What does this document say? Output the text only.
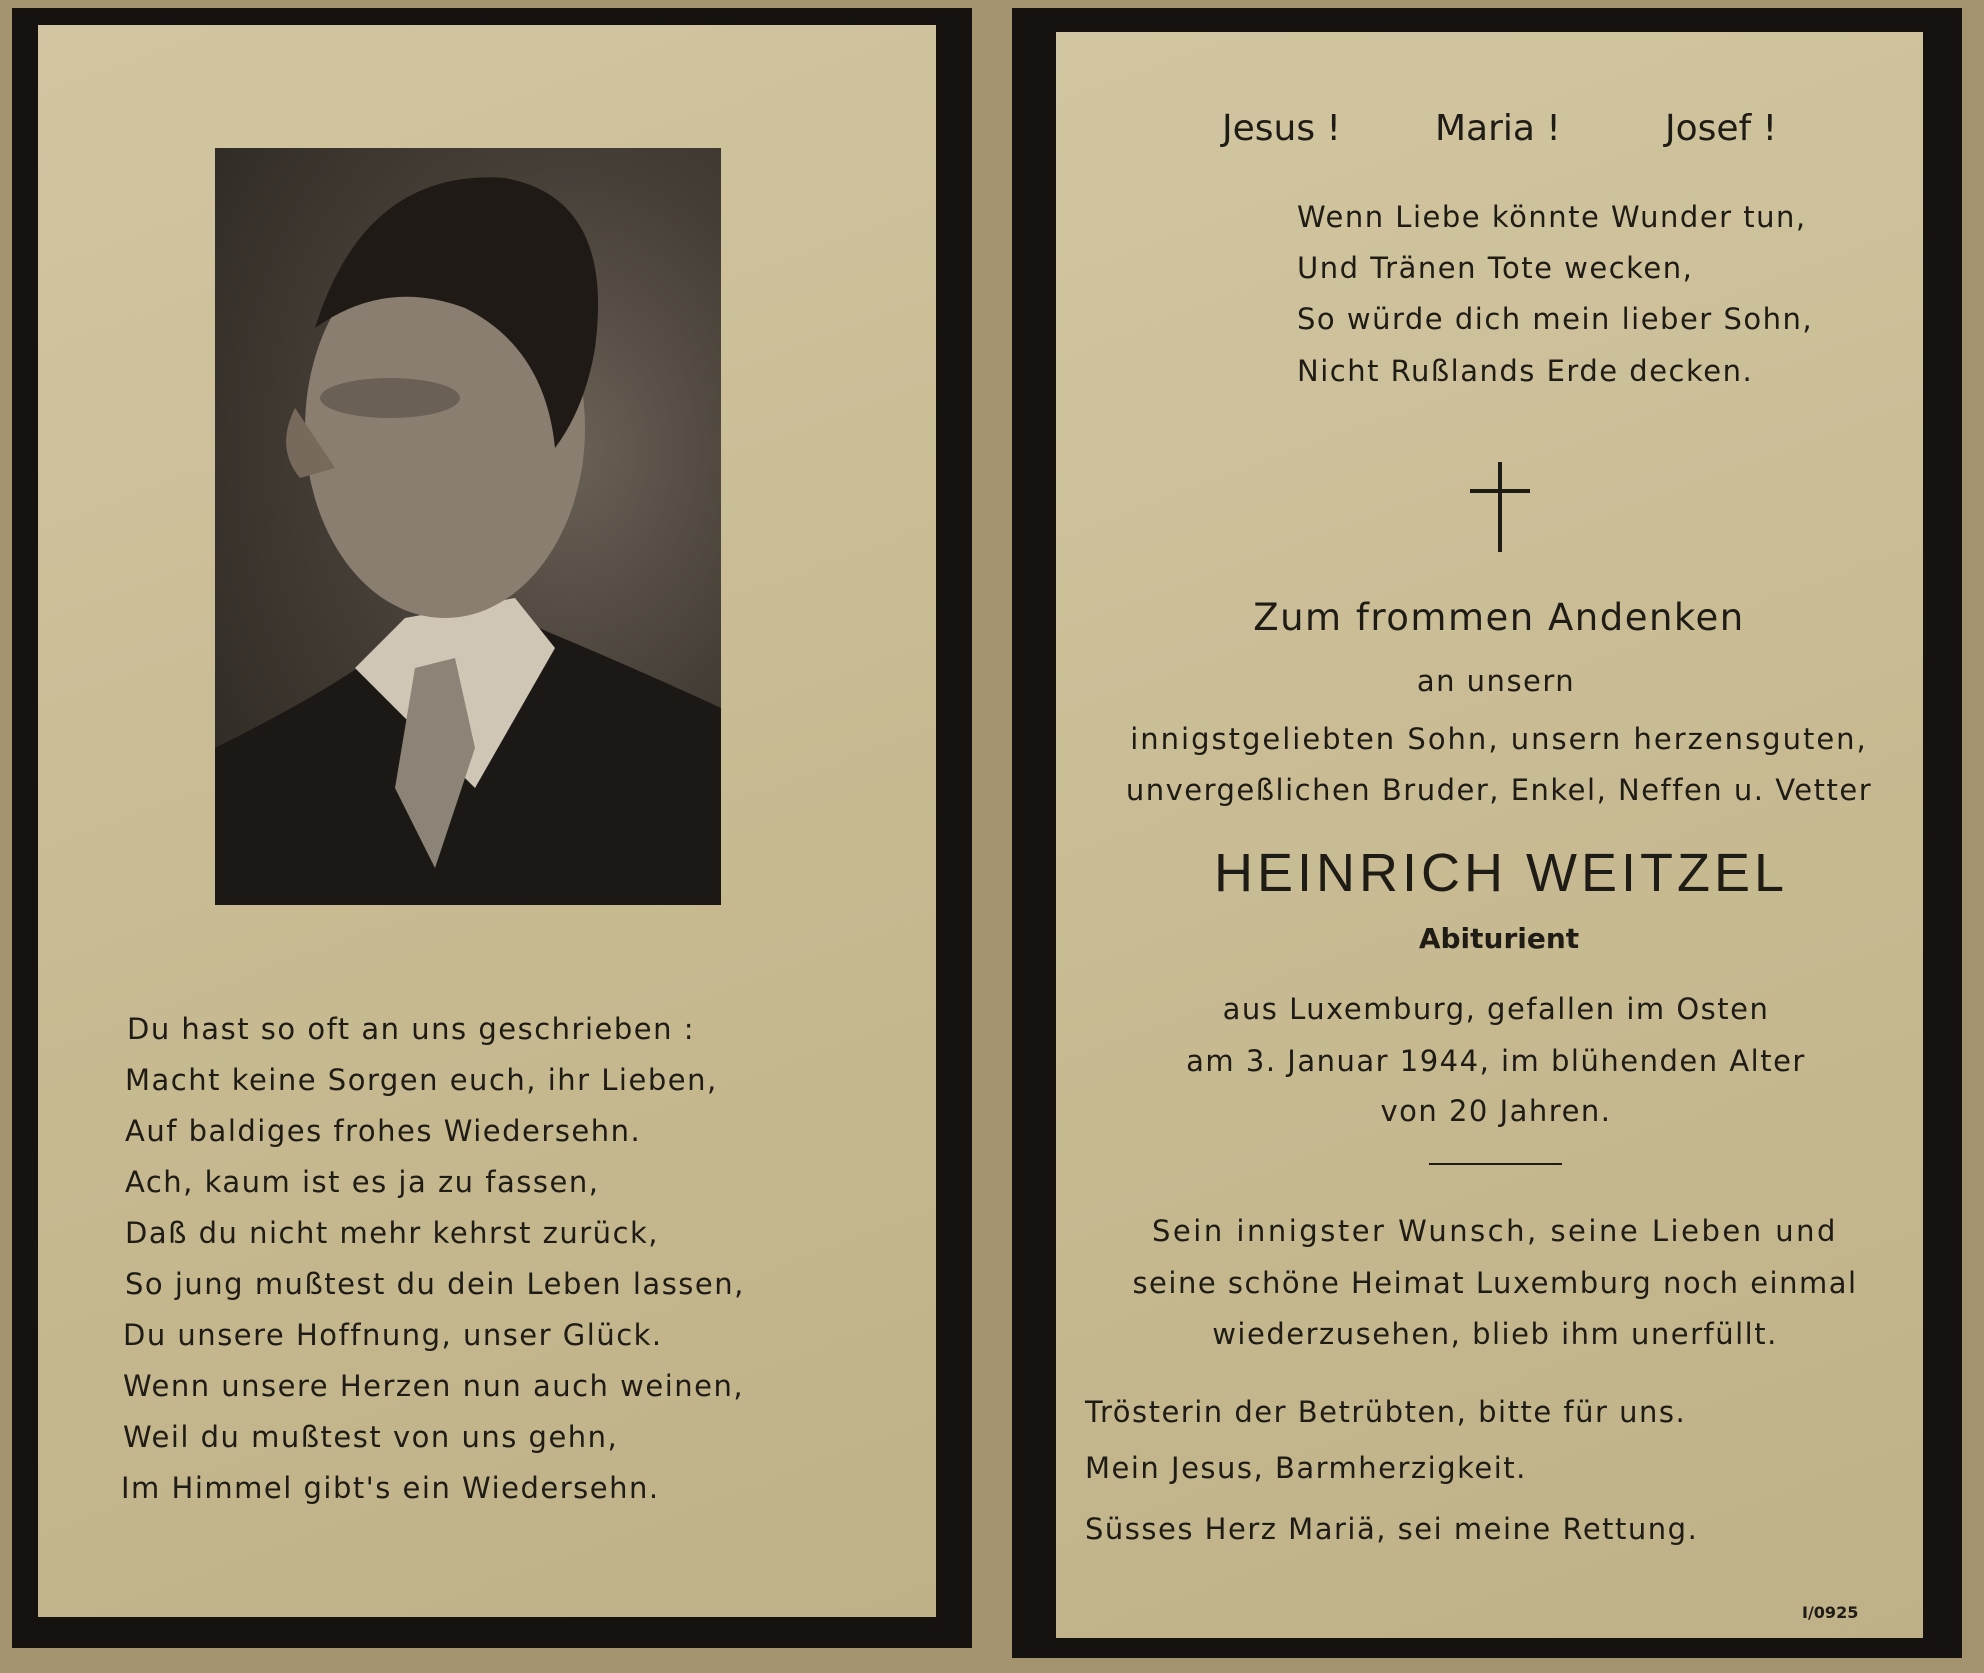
Du hast so oft an uns geschrieben :
Macht keine Sorgen euch, ihr Lieben,
Auf baldiges frohes Wiedersehn.
Ach, kaum ist es ja zu fassen,
Daß du nicht mehr kehrst zurück,
So jung mußtest du dein Leben lassen,
Du unsere Hoffnung, unser Glück.
Wenn unsere Herzen nun auch weinen,
Weil du mußtest von uns gehn,
Im Himmel gibt's ein Wiedersehn.
Jesus !	Maria !	Josef !
Wenn Liebe könnte Wunder tun,
Und Tränen Tote wecken,
So würde dich mein lieber Sohn,
Nicht Rußlands Erde decken.
Zum frommen Andenken
an unsern
innigstgeliebten Sohn, unsern herzensguten,
unvergeßlichen Bruder, Enkel, Neffen u. Vetter
HEINRICH WEITZEL
Abiturient
aus Luxemburg, gefallen im Osten
am 3. Januar 1944, im blühenden Alter
von 20 Jahren.
Sein innigster Wunsch, seine Lieben und
seine schöne Heimat Luxemburg noch einmal
wiederzusehen, blieb ihm unerfüllt.
Trösterin der Betrübten, bitte für uns.
Mein Jesus, Barmherzigkeit.
Süsses Herz Mariä, sei meine Rettung.
I/0925
